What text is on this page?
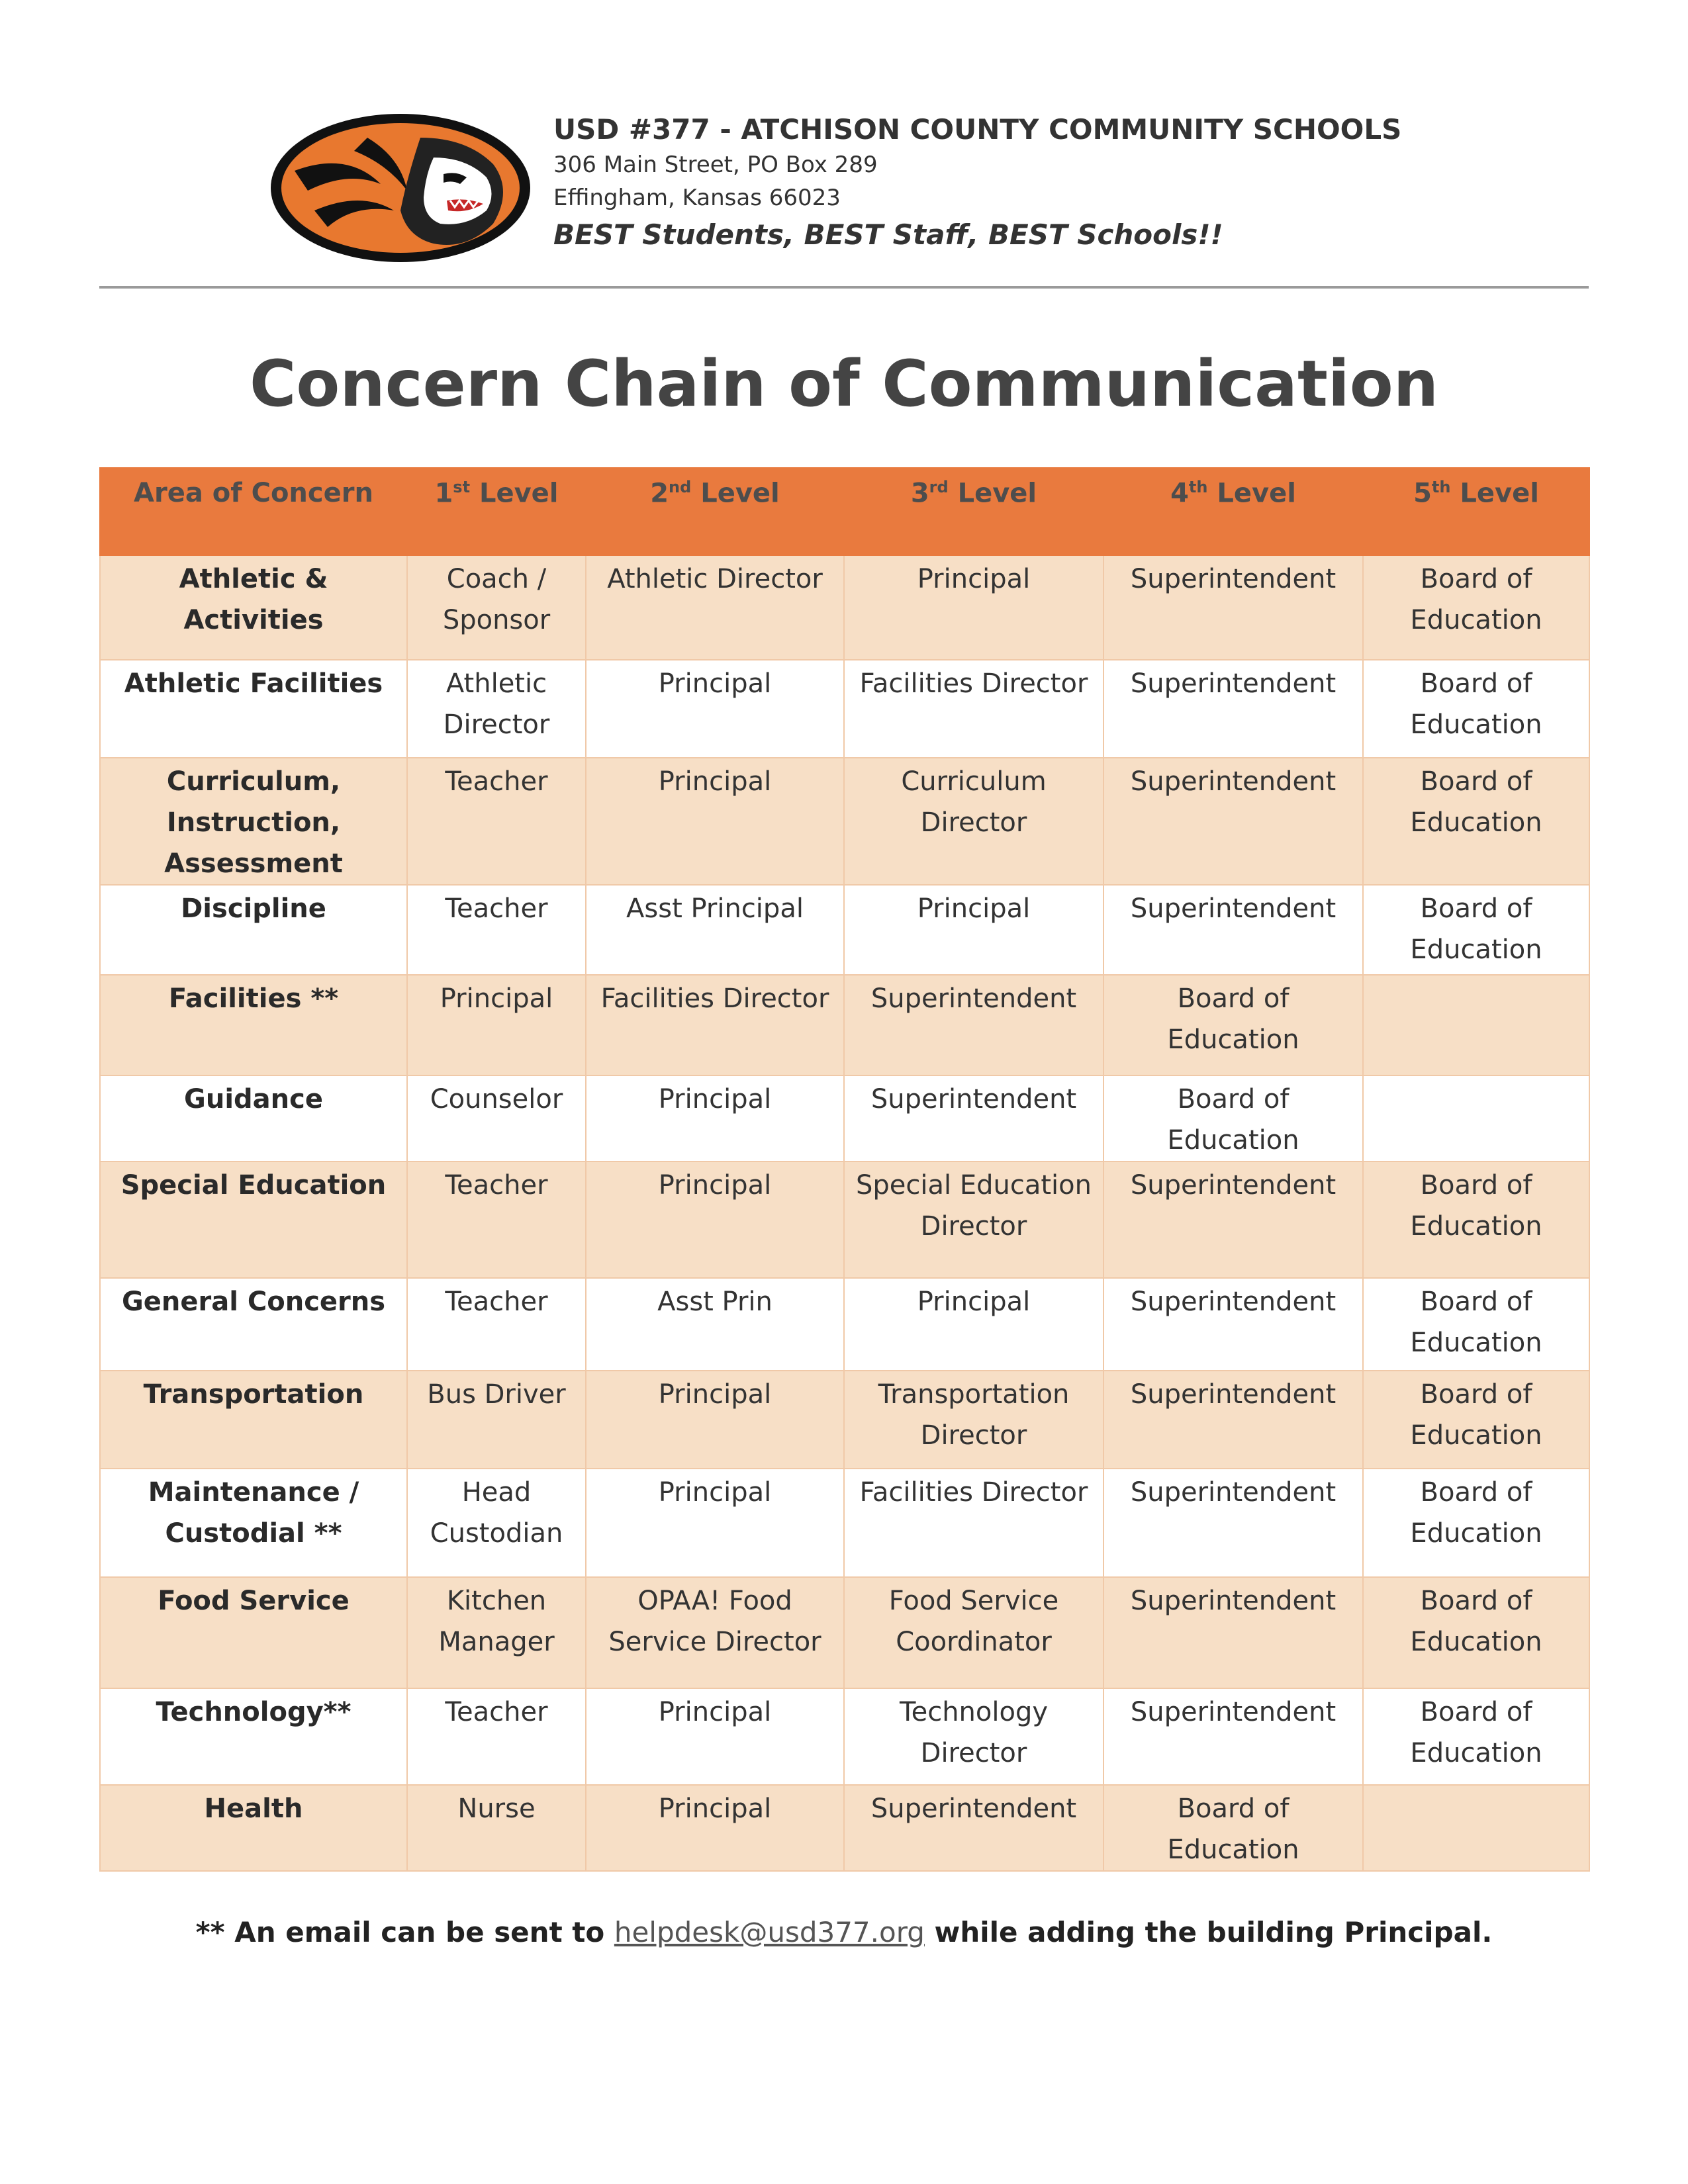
USD #377 - ATCHISON COUNTY COMMUNITY SCHOOLS
306 Main Street, PO Box 289
Effingham, Kansas 66023
BEST Students, BEST Staff, BEST Schools!!
Concern Chain of Communication
Area of Concern	1st Level	2nd Level	3rd Level	4th Level	5th Level
Athletic & Activities	Coach / Sponsor	Athletic Director	Principal	Superintendent	Board of Education
Athletic Facilities	Athletic Director	Principal	Facilities Director	Superintendent	Board of Education
Curriculum, Instruction, Assessment	Teacher	Principal	Curriculum Director	Superintendent	Board of Education
Discipline	Teacher	Asst Principal	Principal	Superintendent	Board of Education
Facilities **	Principal	Facilities Director	Superintendent	Board of Education	
Guidance	Counselor	Principal	Superintendent	Board of Education	
Special Education	Teacher	Principal	Special Education Director	Superintendent	Board of Education
General Concerns	Teacher	Asst Prin	Principal	Superintendent	Board of Education
Transportation	Bus Driver	Principal	Transportation Director	Superintendent	Board of Education
Maintenance / Custodial **	Head Custodian	Principal	Facilities Director	Superintendent	Board of Education
Food Service	Kitchen Manager	OPAA! Food Service Director	Food Service Coordinator	Superintendent	Board of Education
Technology**	Teacher	Principal	Technology Director	Superintendent	Board of Education
Health	Nurse	Principal	Superintendent	Board of Education	
** An email can be sent to helpdesk@usd377.org while adding the building Principal.
